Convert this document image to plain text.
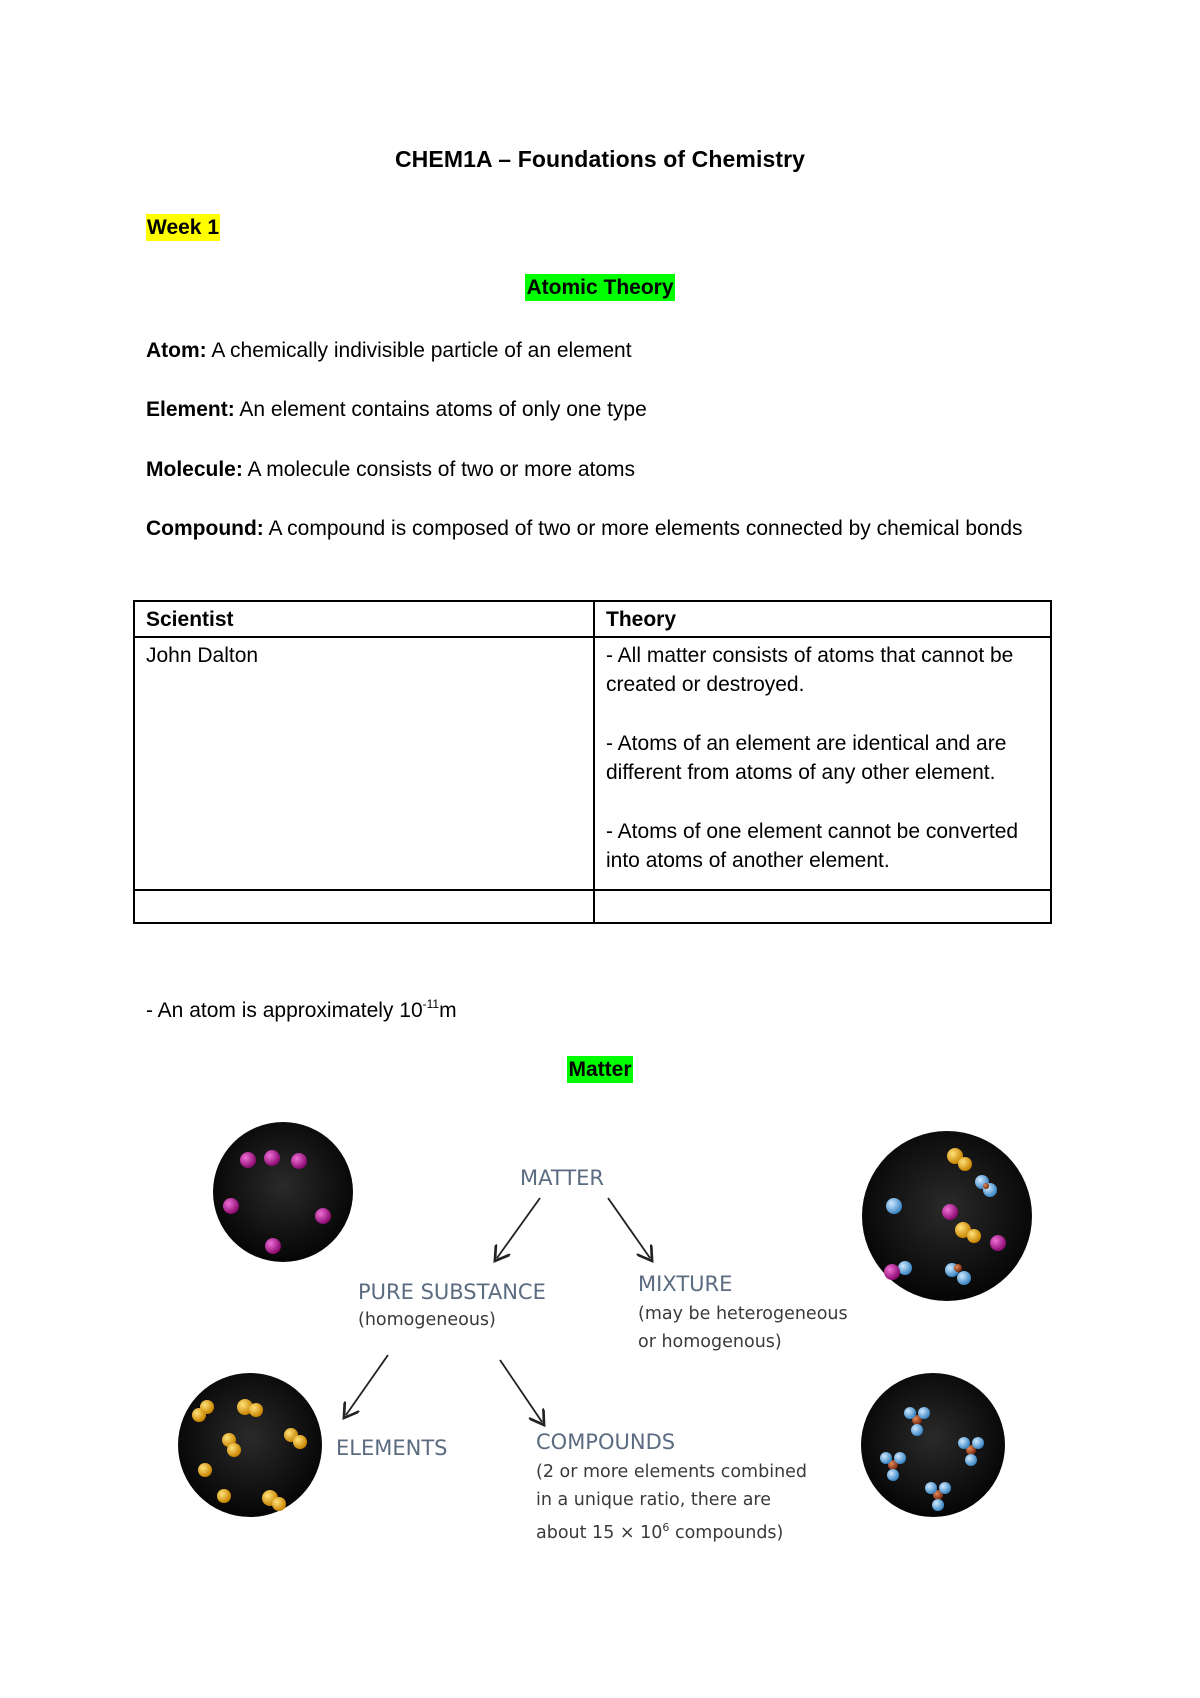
CHEM1A – Foundations of Chemistry
Week 1
Atomic Theory
Atom: A chemically indivisible particle of an element
Element: An element contains atoms of only one type
Molecule: A molecule consists of two or more atoms
Compound: A compound is composed of two or more elements connected by chemical bonds
Scientist	Theory
John Dalton	- All matter consists of atoms that cannot be created or destroyed.

- Atoms of an element are identical and are different from atoms of any other element.

- Atoms of one element cannot be converted into atoms of another element.

- An atom is approximately $10^{-11}m$
Matter
MATTER
PURE SUBSTANCE
(homogeneous)
MIXTURE
(may be heterogeneous
or homogenous)
ELEMENTS	COMPOUNDS
(2 or more elements combined
in a unique ratio, there are
about $15 \times 10^6$ compounds)
